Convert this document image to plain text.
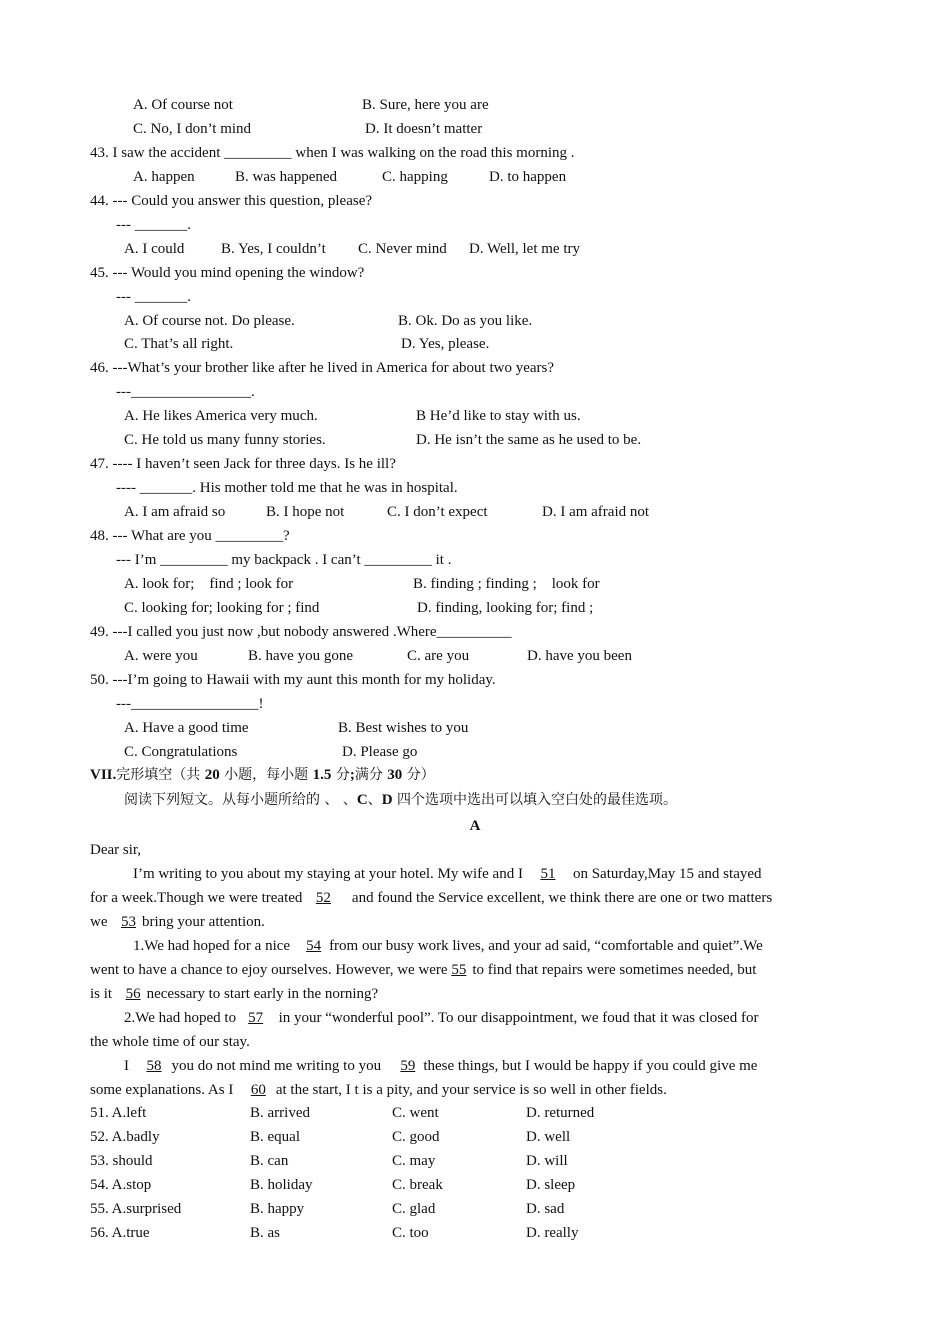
A. Of course not	B. Sure, here you are
C. No, I don’t mind	D. It doesn’t matter
43. I saw the accident _________ when I was walking on the road this morning .
A. happen	B. was happened	C. happing	D. to happen
44. --- Could you answer this question, please?
--- _______.
A. I could B. Yes, I couldn’t C. Never mind D. Well, let me try
45. --- Would you mind opening the window?
--- _______.
A. Of course not. Do please.	B. Ok. Do as you like.
C. That’s all right.	D. Yes, please.
46. ---What’s your brother like after he lived in America for about two years?
---________________.
A. He likes America very much.	B He’d like to stay with us.
C. He told us many funny stories.	D. He isn’t the same as he used to be.
47. ---- I haven’t seen Jack for three days. Is he ill?
---- _______. His mother told me that he was in hospital.
A. I am afraid so	B. I hope not	C. I don’t expect	D. I am afraid not
48. --- What are you _________?
--- I’m _________ my backpack . I can’t _________ it .
A. look for;    find ; look for	B. finding ; finding ;    look for
C. looking for; looking for ; find	D. finding, looking for; find ;
49. ---I called you just now ,but nobody answered .Where__________
A. were you	B. have you gone	C. are you	D. have you been
50. ---I’m going to Hawaii with my aunt this month for my holiday.
---_________________!
A. Have a good time	B. Best wishes to you
C. Congratulations	D. Please go
VII.完形填空（共 20 小题，每小题 1.5 分;满分 30 分）
阅读下列短文。从每小题所给的 、 、C、D 四个选项中选出可以填入空白处的最佳选项。
A
Dear sir,
I’m writing to you about my staying at your hotel. My wife and I 51 on Saturday,May 15 and stayed
for a week.Though we were treated 52 and found the Service excellent, we think there are one or two matters
we 53 bring your attention.
1.We had hoped for a nice 54 from our busy work lives, and your ad said, “comfortable and quiet”.We
went to have a chance to ejoy ourselves. However, we were 55 to find that repairs were sometimes needed, but
is it 56 necessary to start early in the norning?
2.We had hoped to 57 in your “wonderful pool”. To our disappointment, we foud that it was closed for
the whole time of our stay.
I 58 you do not mind me writing to you 59 these things, but I would be happy if you could give me
some explanations. As I 60 at the start, I t is a pity, and your service is so well in other fields.
51. A.left	B. arrived	C. went	D. returned
52. A.badly	B. equal	C. good	D. well
53. should	B. can	C. may	D. will
54. A.stop	B. holiday	C. break	D. sleep
55. A.surprised	B. happy	C. glad	D. sad
56. A.true	B. as	C. too	D. really
